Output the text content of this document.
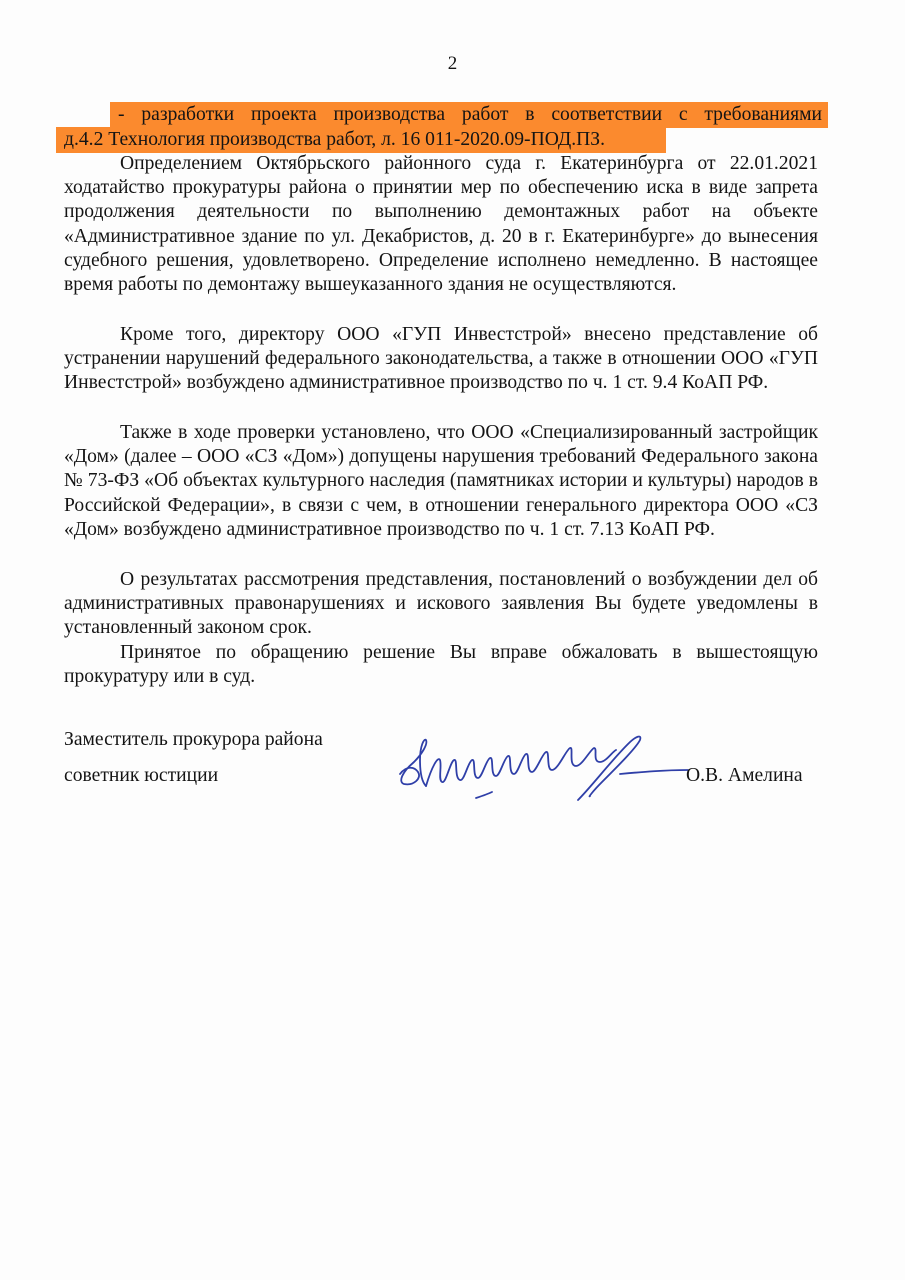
2
- разработки проекта производства работ в соответствии с требованиями
д.4.2 Технология производства работ, л. 16 011-2020.09-ПОД.ПЗ.

Определением Октябрьского районного суда г. Екатеринбурга от 22.01.2021 ходатайство прокуратуры района о принятии мер по обеспечению иска в виде запрета продолжения деятельности по выполнению демонтажных работ на объекте «Административное здание по ул. Декабристов, д. 20 в г. Екатеринбурге» до вынесения судебного решения, удовлетворено. Определение исполнено немедленно. В настоящее время работы по демонтажу вышеуказанного здания не осуществляются.

Кроме того, директору ООО «ГУП Инвестстрой» внесено представление об устранении нарушений федерального законодательства, а также в отношении ООО «ГУП Инвестстрой» возбуждено административное производство по ч. 1 ст. 9.4 КоАП РФ.

Также в ходе проверки установлено, что ООО «Специализированный застройщик «Дом» (далее – ООО «СЗ «Дом») допущены нарушения требований Федерального закона № 73-ФЗ «Об объектах культурного наследия (памятниках истории и культуры) народов в Российской Федерации», в связи с чем, в отношении генерального директора ООО «СЗ «Дом» возбуждено административное производство по ч. 1 ст. 7.13 КоАП РФ.

О результатах рассмотрения представления, постановлений о возбуждении дел об административных правонарушениях и искового заявления Вы будете уведомлены в установленный законом срок.

Принятое по обращению решение Вы вправе обжаловать в вышестоящую прокуратуру или в суд.

Заместитель прокурора района
советник юстиции	О.В. Амелина
